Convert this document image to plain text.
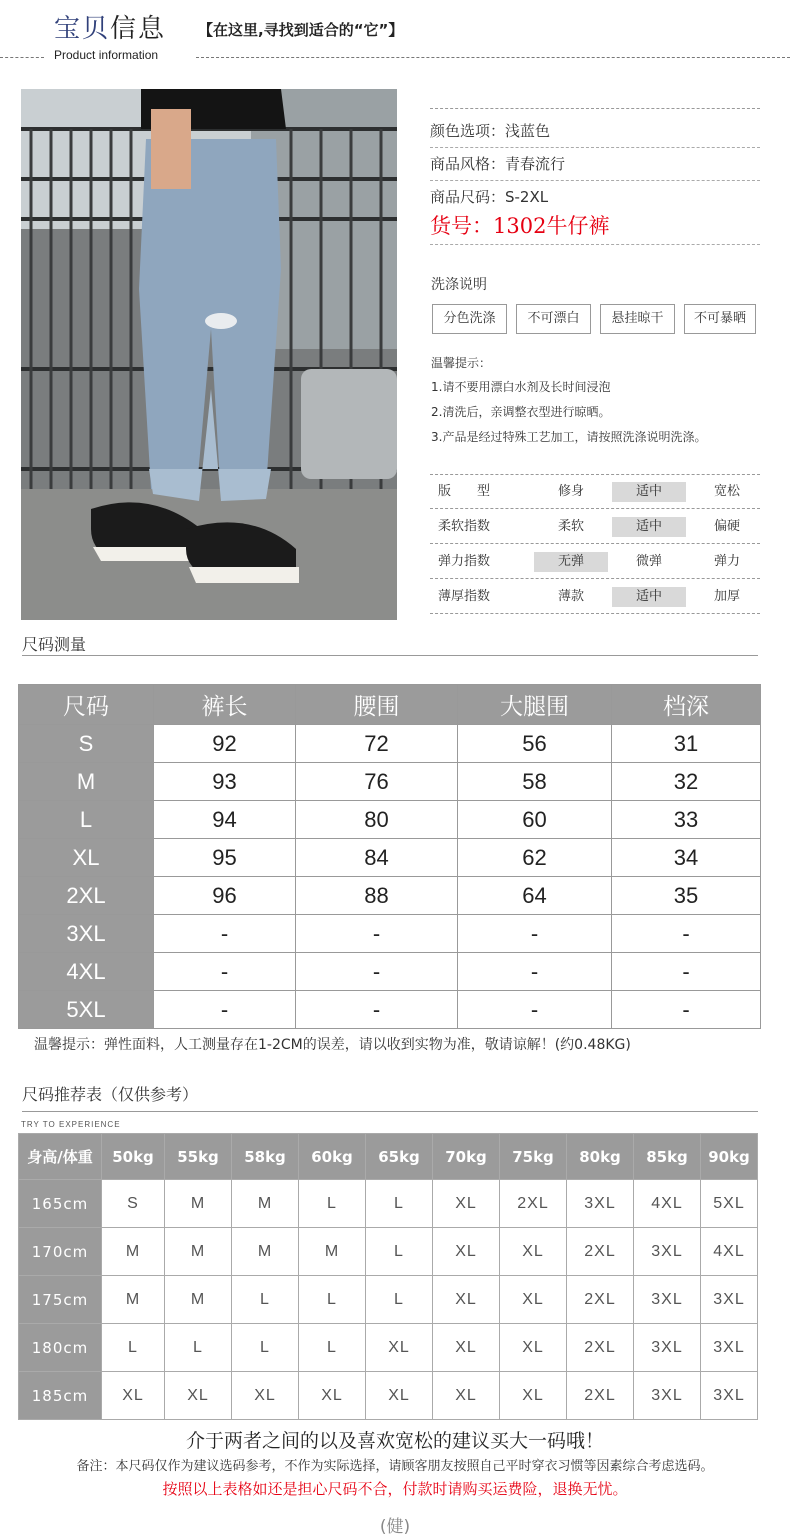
宝贝信息 【在这里,寻找到适合的“它”】
Product information
颜色选项：浅蓝色
商品风格：青春流行
商品尺码：S-2XL
货号：1302牛仔裤
洗涤说明
分色洗涤	不可漂白	悬挂晾干	不可暴晒
温馨提示：
1.请不要用漂白水剂及长时间浸泡
2.清洗后，亲调整衣型进行晾晒。
3.产品是经过特殊工艺加工，请按照洗涤说明洗涤。
版　　型	修身	适中	宽松
柔软指数	柔软	适中	偏硬
弹力指数	无弹	微弹	弹力
薄厚指数	薄款	适中	加厚
尺码测量
尺码	裤长	腰围	大腿围	档深
S	92	72	56	31
M	93	76	58	32
L	94	80	60	33
XL	95	84	62	34
2XL	96	88	64	35
3XL	-	-	-	-
4XL	-	-	-	-
5XL	-	-	-	-
温馨提示：弹性面料，人工测量存在1-2CM的误差，请以收到实物为准，敬请谅解！(约0.48KG)
尺码推荐表（仅供参考）
TRY TO EXPERIENCE
身高/体重	50kg	55kg	58kg	60kg	65kg	70kg	75kg	80kg	85kg	90kg
165cm	S	M	M	L	L	XL	2XL	3XL	4XL	5XL
170cm	M	M	M	M	L	XL	XL	2XL	3XL	4XL
175cm	M	M	L	L	L	XL	XL	2XL	3XL	3XL
180cm	L	L	L	L	XL	XL	XL	2XL	3XL	3XL
185cm	XL	XL	XL	XL	XL	XL	XL	2XL	3XL	3XL
介于两者之间的以及喜欢宽松的建议买大一码哦！
备注：本尺码仅作为建议选码参考，不作为实际选择，请顾客朋友按照自己平时穿衣习惯等因素综合考虑选码。
按照以上表格如还是担心尺码不合，付款时请购买运费险，退换无忧。
(健)
